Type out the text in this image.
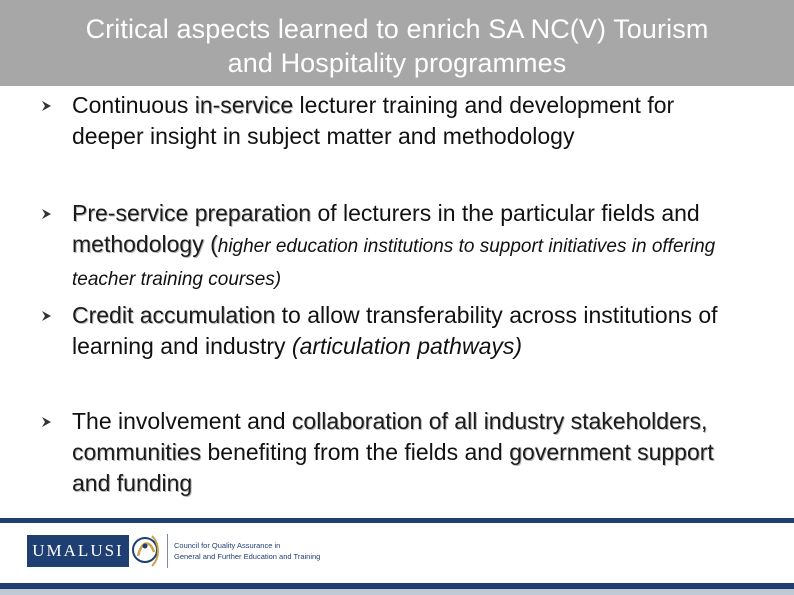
Critical aspects learned to enrich SA NC(V) Tourism
and Hospitality programmes
Continuous in-service lecturer training and development for deeper insight in subject matter and methodology
Pre-service preparation of lecturers in the particular fields and methodology (higher education institutions to support initiatives in offering teacher training courses)
Credit accumulation to allow transferability across institutions of learning and industry (articulation pathways)
The involvement and collaboration of all industry stakeholders, communities benefiting from the fields and government support and funding
UMALUSI	Council for Quality Assurance in
General and Further Education and Training
